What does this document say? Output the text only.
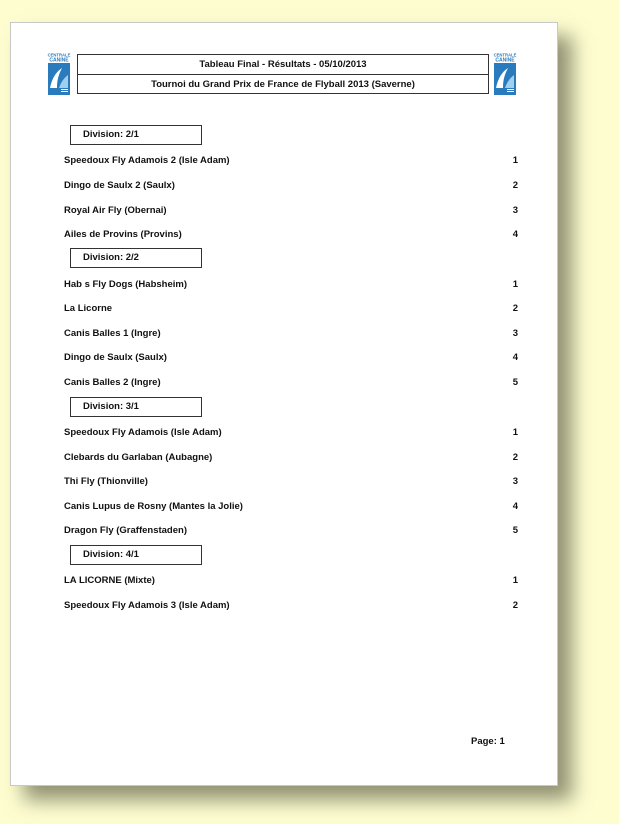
CENTRALE
CANINE	Tableau Final - Résultats - 05/10/2013
Tournoi du Grand Prix de France de Flyball 2013 (Saverne)
CENTRALE
CANINE
Division: 2/1
Speedoux Fly Adamois 2 (Isle Adam)	1
Dingo de Saulx 2 (Saulx)	2
Royal Air Fly (Obernai)	3
Ailes de Provins (Provins)	4
Division: 2/2
Hab s Fly Dogs (Habsheim)	1
La Licorne	2
Canis Balles 1 (Ingre)	3
Dingo de Saulx (Saulx)	4
Canis Balles 2 (Ingre)	5
Division: 3/1
Speedoux Fly Adamois (Isle Adam)	1
Clebards du Garlaban (Aubagne)	2
Thi Fly (Thionville)	3
Canis Lupus de Rosny (Mantes la Jolie)	4
Dragon Fly (Graffenstaden)	5
Division: 4/1
LA LICORNE (Mixte)	1
Speedoux Fly Adamois 3 (Isle Adam)	2
Page: 1
